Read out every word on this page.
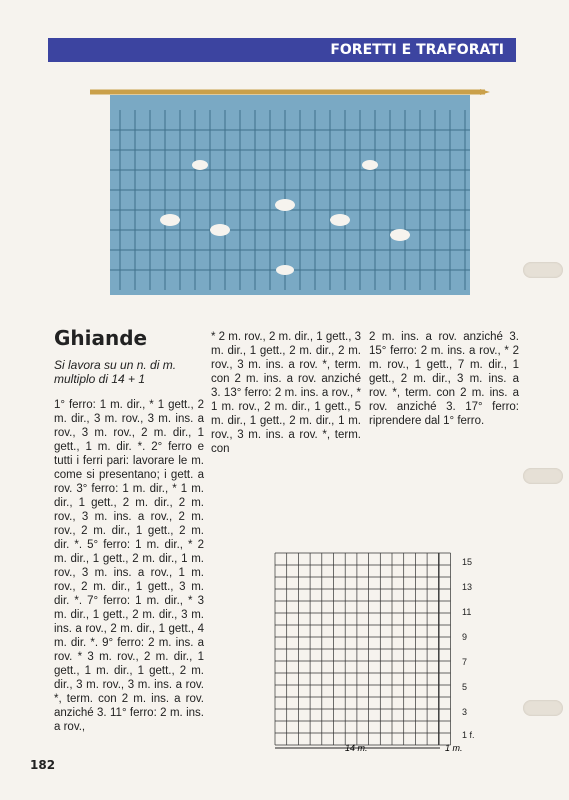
FORETTI E TRAFORATI
Ghiande
Si lavora su un n. di m. multiplo di 14 + 1

1° ferro: 1 m. dir., * 1 gett., 2 m. dir., 3 m. rov., 3 m. ins. a rov., 3 m. rov., 2 m. dir., 1 gett., 1 m. dir. *. 2° ferro e tutti i ferri pari: lavorare le m. come si presentano; i gett. a rov. 3° ferro: 1 m. dir., * 1 m. dir., 1 gett., 2 m. dir., 2 m. rov., 3 m. ins. a rov., 2 m. rov., 2 m. dir., 1 gett., 2 m. dir. *. 5° ferro: 1 m. dir., * 2 m. dir., 1 gett., 2 m. dir., 1 m. rov., 3 m. ins. a rov., 1 m. rov., 2 m. dir., 1 gett., 3 m. dir. *. 7° ferro: 1 m. dir., * 3 m. dir., 1 gett., 2 m. dir., 3 m. ins. a rov., 2 m. dir., 1 gett., 4 m. dir. *. 9° ferro: 2 m. ins. a rov. * 3 m. rov., 2 m. dir., 1 gett., 1 m. dir., 1 gett., 2 m. dir., 3 m. rov., 3 m. ins. a rov. *, term. con 2 m. ins. a rov. anziché 3. 11° ferro: 2 m. ins. a rov.,

* 2 m. rov., 2 m. dir., 1 gett., 3 m. dir., 1 gett., 2 m. dir., 2 m. rov., 3 m. ins. a rov. *, term. con 2 m. ins. a rov. anziché 3. 13° ferro: 2 m. ins. a rov., * 1 m. rov., 2 m. dir., 1 gett., 5 m. dir., 1 gett., 2 m. dir., 1 m. rov., 3 m. ins. a rov. *, term. con

2 m. ins. a rov. anziché 3. 15° ferro: 2 m. ins. a rov., * 2 m. rov., 1 gett., 7 m. dir., 1 gett., 2 m. dir., 3 m. ins. a rov. *, term. con 2 m. ins. a rov. anziché 3. 17° ferro: riprendere dal 1° ferro.

15
13
11
9
7
5
3
1 f.
14 m.	1 m.
182
